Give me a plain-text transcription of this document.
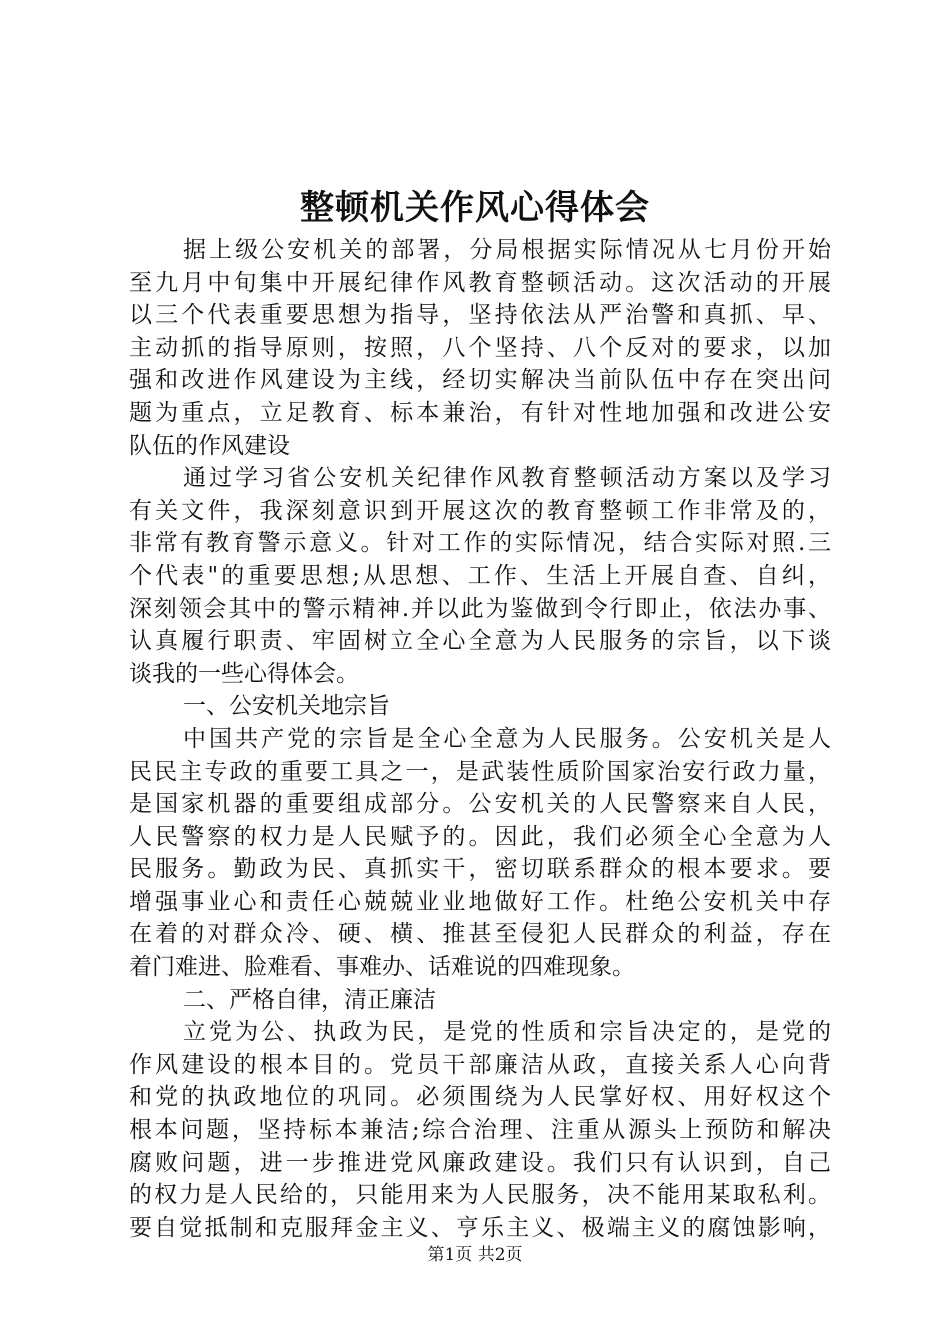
整顿机关作风心得体会
据上级公安机关的部署，分局根据实际情况从七月份开始
至九月中旬集中开展纪律作风教育整顿活动。这次活动的开展
以三个代表重要思想为指导，坚持依法从严治警和真抓、早、
主动抓的指导原则，按照，八个坚持、八个反对的要求，以加
强和改进作风建设为主线，经切实解决当前队伍中存在突出问
题为重点，立足教育、标本兼治，有针对性地加强和改进公安
队伍的作风建设
通过学习省公安机关纪律作风教育整顿活动方案以及学习
有关文件，我深刻意识到开展这次的教育整顿工作非常及的，
非常有教育警示意义。针对工作的实际情况，结合实际对照.三
个代表"的重要思想;从思想、工作、生活上开展自查、自纠，
深刻领会其中的警示精神.并以此为鉴做到令行即止，依法办事、
认真履行职责、牢固树立全心全意为人民服务的宗旨，以下谈
谈我的一些心得体会。
一、公安机关地宗旨
中国共产党的宗旨是全心全意为人民服务。公安机关是人
民民主专政的重要工具之一，是武装性质阶国家治安行政力量，
是国家机器的重要组成部分。公安机关的人民警察来自人民，
人民警察的权力是人民赋予的。因此，我们必须全心全意为人
民服务。勤政为民、真抓实干，密切联系群众的根本要求。要
增强事业心和责任心兢兢业业地做好工作。杜绝公安机关中存
在着的对群众冷、硬、横、推甚至侵犯人民群众的利益，存在
着门难进、脸难看、事难办、话难说的四难现象。
二、严格自律，清正廉洁
立党为公、执政为民，是党的性质和宗旨决定的，是党的
作风建设的根本目的。党员干部廉洁从政，直接关系人心向背
和党的执政地位的巩同。必须围绕为人民掌好权、用好权这个
根本问题，坚持标本兼洁;综合治理、注重从源头上预防和解决
腐败问题，进一步推进党风廉政建设。我们只有认识到，自己
的权力是人民给的，只能用来为人民服务，决不能用某取私利。
要自觉抵制和克服拜金主义、亨乐主义、极端主义的腐蚀影响，
第1页 共2页
